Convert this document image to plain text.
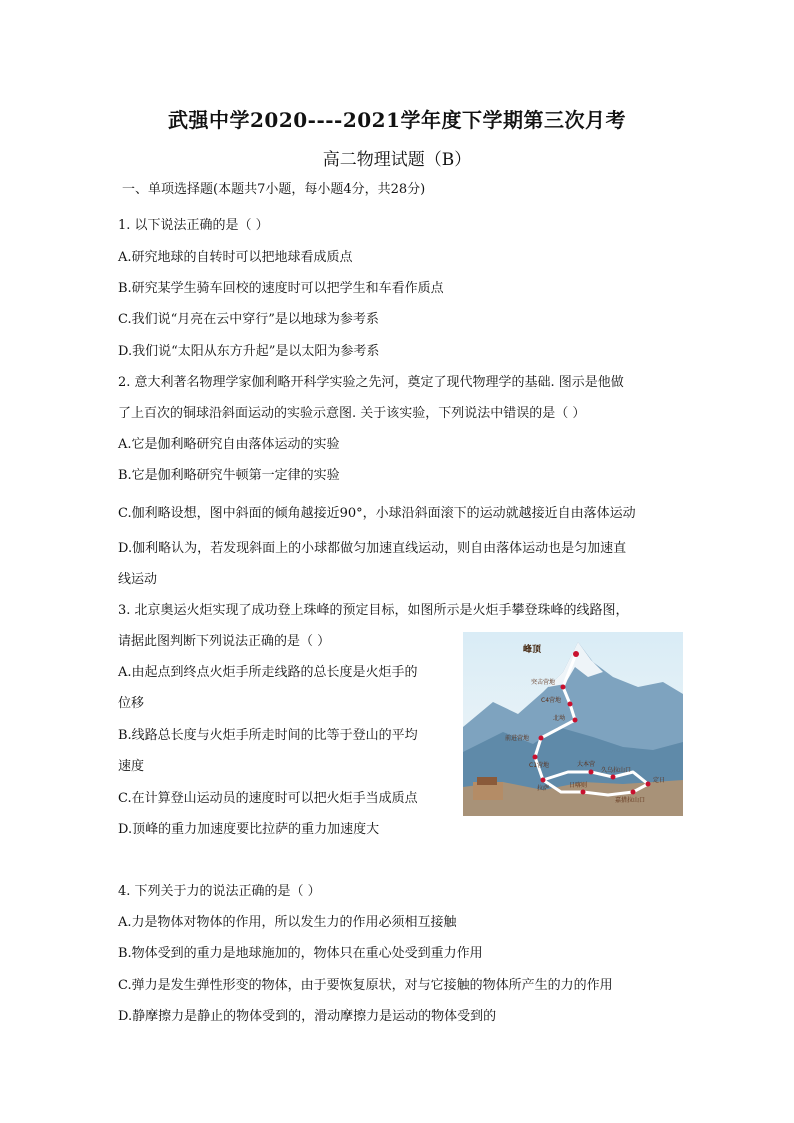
武强中学2020----2021学年度下学期第三次月考
高二物理试题（B）
一、单项选择题(本题共7小题，每小题4分，共28分)
1. 以下说法正确的是（ ）
A.研究地球的自转时可以把地球看成质点
B.研究某学生骑车回校的速度时可以把学生和车看作质点
C.我们说“月亮在云中穿行”是以地球为参考系
D.我们说“太阳从东方升起”是以太阳为参考系
2. 意大利著名物理学家伽利略开科学实验之先河，奠定了现代物理学的基础. 图示是他做
了上百次的铜球沿斜面运动的实验示意图. 关于该实验，下列说法中错误的是（ ）
A.它是伽利略研究自由落体运动的实验
B.它是伽利略研究牛顿第一定律的实验
C.伽利略设想，图中斜面的倾角越接近90°，小球沿斜面滚下的运动就越接近自由落体运动
D.伽利略认为，若发现斜面上的小球都做匀加速直线运动，则自由落体运动也是匀加速直
线运动
3. 北京奥运火炬实现了成功登上珠峰的预定目标，如图所示是火炬手攀登珠峰的线路图，
请据此图判断下列说法正确的是（ ）
A.由起点到终点火炬手所走线路的总长度是火炬手的
位移
B.线路总长度与火炬手所走时间的比等于登山的平均
速度
C.在计算登山运动员的速度时可以把火炬手当成质点
D.顶峰的重力加速度要比拉萨的重力加速度大
峰顶
突击营地
C4营地
北坳
前进营地
C1营地	大本营
久乌拉山口
定日
拉萨	日喀则
嘉措拉山口
4. 下列关于力的说法正确的是（ ）
A.力是物体对物体的作用，所以发生力的作用必须相互接触
B.物体受到的重力是地球施加的，物体只在重心处受到重力作用
C.弹力是发生弹性形变的物体，由于要恢复原状，对与它接触的物体所产生的力的作用
D.静摩擦力是静止的物体受到的，滑动摩擦力是运动的物体受到的
